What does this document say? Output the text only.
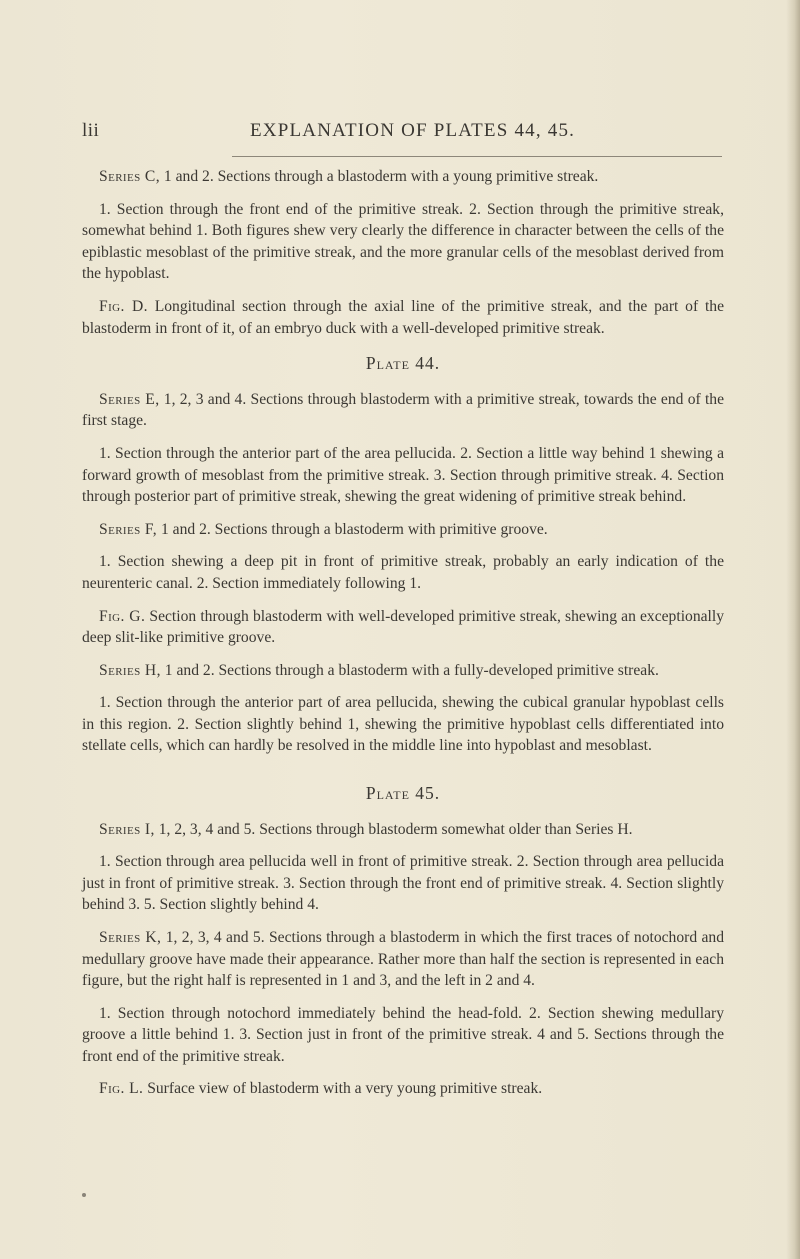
lii	EXPLANATION OF PLATES 44, 45.

Series C, 1 and 2. Sections through a blastoderm with a young primitive streak.

1. Section through the front end of the primitive streak. 2. Section through the primitive streak, somewhat behind 1. Both figures shew very clearly the difference in character between the cells of the epiblastic mesoblast of the primitive streak, and the more granular cells of the mesoblast derived from the hypoblast.

Fig. D. Longitudinal section through the axial line of the primitive streak, and the part of the blastoderm in front of it, of an embryo duck with a well-developed primitive streak.

Plate 44.

Series E, 1, 2, 3 and 4. Sections through blastoderm with a primitive streak, towards the end of the first stage.

1. Section through the anterior part of the area pellucida. 2. Section a little way behind 1 shewing a forward growth of mesoblast from the primitive streak. 3. Section through primitive streak. 4. Section through posterior part of primitive streak, shewing the great widening of primitive streak behind.

Series F, 1 and 2. Sections through a blastoderm with primitive groove.

1. Section shewing a deep pit in front of primitive streak, probably an early indication of the neurenteric canal. 2. Section immediately following 1.

Fig. G. Section through blastoderm with well-developed primitive streak, shewing an exceptionally deep slit-like primitive groove.

Series H, 1 and 2. Sections through a blastoderm with a fully-developed primitive streak.

1. Section through the anterior part of area pellucida, shewing the cubical granular hypoblast cells in this region. 2. Section slightly behind 1, shewing the primitive hypoblast cells differentiated into stellate cells, which can hardly be resolved in the middle line into hypoblast and mesoblast.

Plate 45.

Series I, 1, 2, 3, 4 and 5. Sections through blastoderm somewhat older than Series H.

1. Section through area pellucida well in front of primitive streak. 2. Section through area pellucida just in front of primitive streak. 3. Section through the front end of primitive streak. 4. Section slightly behind 3. 5. Section slightly behind 4.

Series K, 1, 2, 3, 4 and 5. Sections through a blastoderm in which the first traces of notochord and medullary groove have made their appearance. Rather more than half the section is represented in each figure, but the right half is represented in 1 and 3, and the left in 2 and 4.

1. Section through notochord immediately behind the head-fold. 2. Section shewing medullary groove a little behind 1. 3. Section just in front of the primitive streak. 4 and 5. Sections through the front end of the primitive streak.

Fig. L. Surface view of blastoderm with a very young primitive streak.
